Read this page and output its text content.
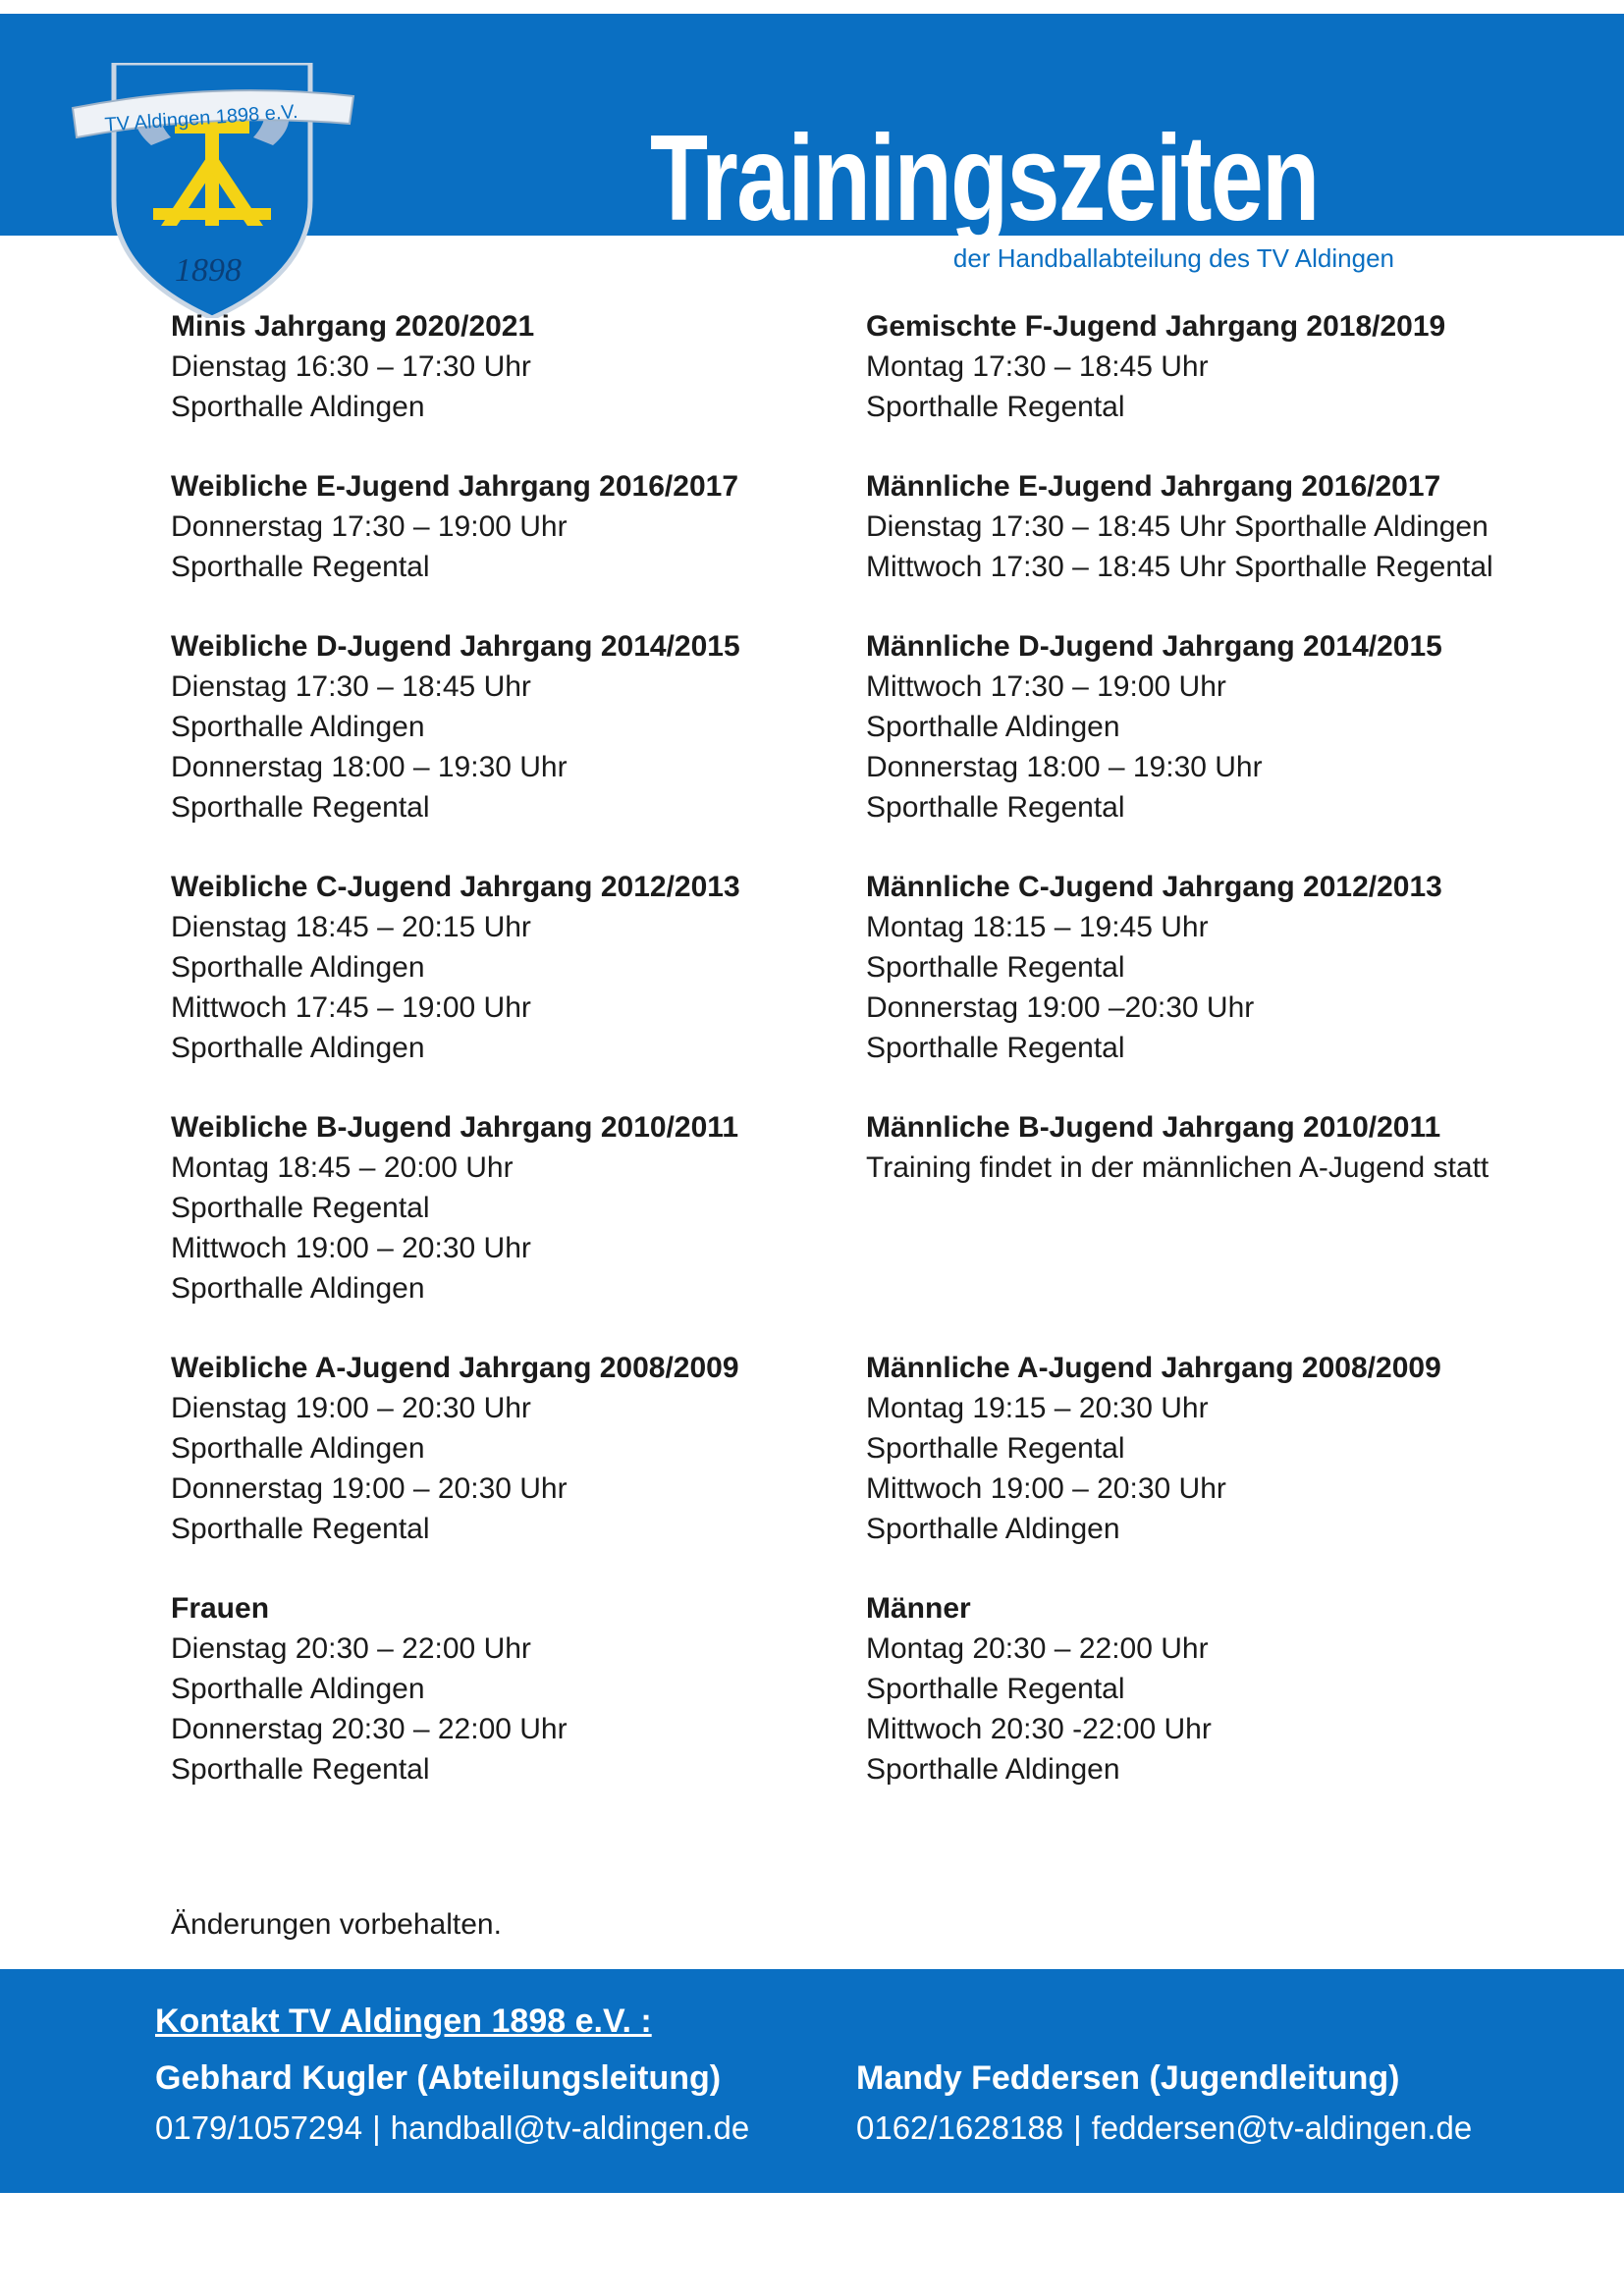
TV Aldingen 1898 e.V.
1898
Trainingszeiten
der Handballabteilung des TV Aldingen
Minis Jahrgang 2020/2021
Dienstag 16:30 – 17:30 Uhr
Sporthalle Aldingen
Weibliche E-Jugend Jahrgang 2016/2017
Donnerstag 17:30 – 19:00 Uhr
Sporthalle Regental
Weibliche D-Jugend Jahrgang 2014/2015
Dienstag 17:30 – 18:45 Uhr
Sporthalle Aldingen
Donnerstag 18:00 – 19:30 Uhr
Sporthalle Regental
Weibliche C-Jugend Jahrgang 2012/2013
Dienstag 18:45 – 20:15 Uhr
Sporthalle Aldingen
Mittwoch 17:45 – 19:00 Uhr
Sporthalle Aldingen
Weibliche B-Jugend Jahrgang 2010/2011
Montag 18:45 – 20:00 Uhr
Sporthalle Regental
Mittwoch 19:00 – 20:30 Uhr
Sporthalle Aldingen
Weibliche A-Jugend Jahrgang 2008/2009
Dienstag 19:00 – 20:30 Uhr
Sporthalle Aldingen
Donnerstag 19:00 – 20:30 Uhr
Sporthalle Regental
Frauen
Dienstag 20:30 – 22:00 Uhr
Sporthalle Aldingen
Donnerstag 20:30 – 22:00 Uhr
Sporthalle Regental
Gemischte F-Jugend Jahrgang 2018/2019
Montag 17:30 – 18:45 Uhr
Sporthalle Regental
Männliche E-Jugend Jahrgang 2016/2017
Dienstag 17:30 – 18:45 Uhr Sporthalle Aldingen
Mittwoch 17:30 – 18:45 Uhr Sporthalle Regental
Männliche D-Jugend Jahrgang 2014/2015
Mittwoch 17:30 – 19:00 Uhr
Sporthalle Aldingen
Donnerstag 18:00 – 19:30 Uhr
Sporthalle Regental
Männliche C-Jugend Jahrgang 2012/2013
Montag 18:15 – 19:45 Uhr
Sporthalle Regental
Donnerstag 19:00 –20:30 Uhr
Sporthalle Regental
Männliche B-Jugend Jahrgang 2010/2011
Training findet in der männlichen A-Jugend statt

Männliche A-Jugend Jahrgang 2008/2009
Montag 19:15 – 20:30 Uhr
Sporthalle Regental
Mittwoch 19:00 – 20:30 Uhr
Sporthalle Aldingen
Männer
Montag 20:30 – 22:00 Uhr
Sporthalle Regental
Mittwoch 20:30 -22:00 Uhr
Sporthalle Aldingen
Änderungen vorbehalten.
Kontakt TV Aldingen 1898 e.V. :
Gebhard Kugler (Abteilungsleitung)
0179/1057294 | handball@tv-aldingen.de
Mandy Feddersen (Jugendleitung)
0162/1628188 | feddersen@tv-aldingen.de
